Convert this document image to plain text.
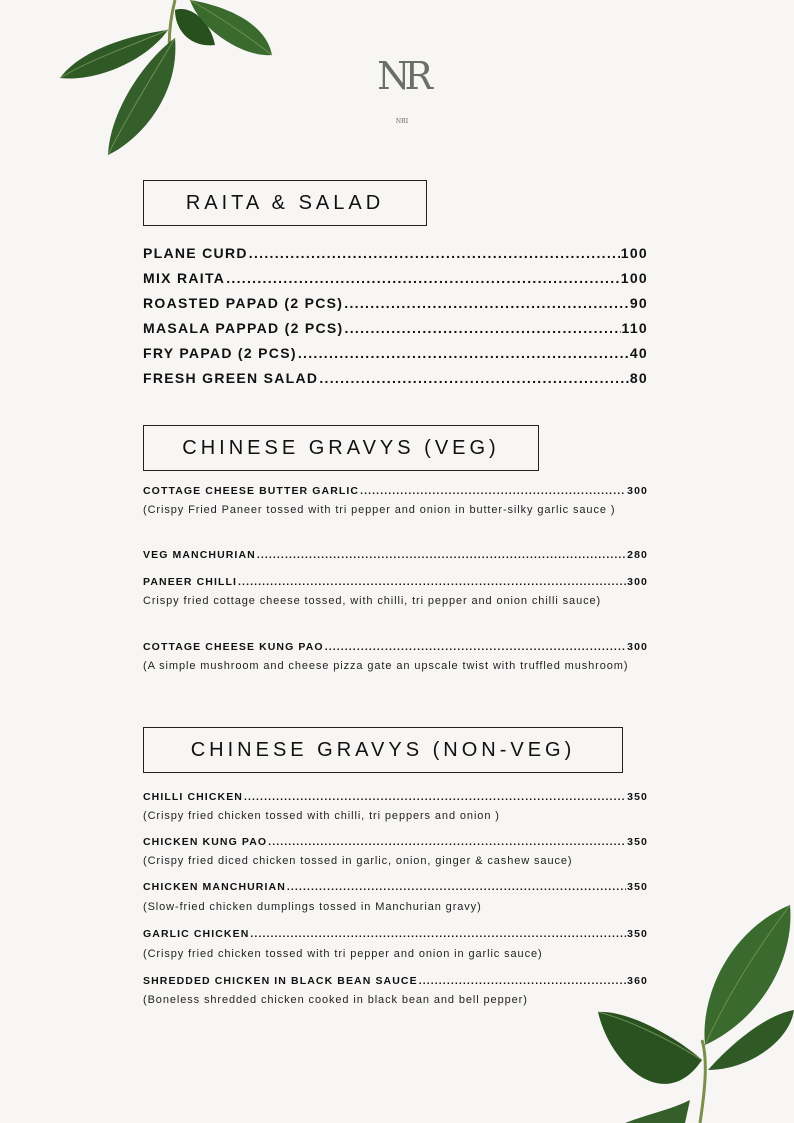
NR
NRI
RAITA & SALAD
PLANE CURD .....	100
MIX RAITA .....	100
ROASTED PAPAD (2 PCS) .....	90
MASALA PAPPAD (2 PCS) .....	110
FRY PAPAD (2 PCS) .....	40
FRESH GREEN SALAD .....	80
CHINESE GRAVYS (VEG)
COTTAGE CHEESE BUTTER GARLIC .....	300
(Crispy Fried Paneer tossed with tri pepper and onion in butter-silky garlic sauce )
VEG MANCHURIAN .....	280
PANEER CHILLI .....	300
Crispy fried cottage cheese tossed, with chilli, tri pepper and onion chilli sauce)
COTTAGE CHEESE KUNG PAO .....	300
(A simple mushroom and cheese pizza gate an upscale twist with truffled mushroom)
CHINESE GRAVYS (NON-VEG)
CHILLI CHICKEN .....	350
(Crispy fried chicken tossed with chilli, tri peppers and onion )
CHICKEN KUNG PAO .....	350
(Crispy fried diced chicken tossed in garlic, onion, ginger & cashew sauce)
CHICKEN MANCHURIAN .....	350
(Slow-fried chicken dumplings tossed in Manchurian gravy)
GARLIC CHICKEN .....	350
(Crispy fried chicken tossed with tri pepper and onion in garlic sauce)
SHREDDED CHICKEN IN BLACK BEAN SAUCE .....	360
(Boneless shredded chicken cooked in black bean and bell pepper)
